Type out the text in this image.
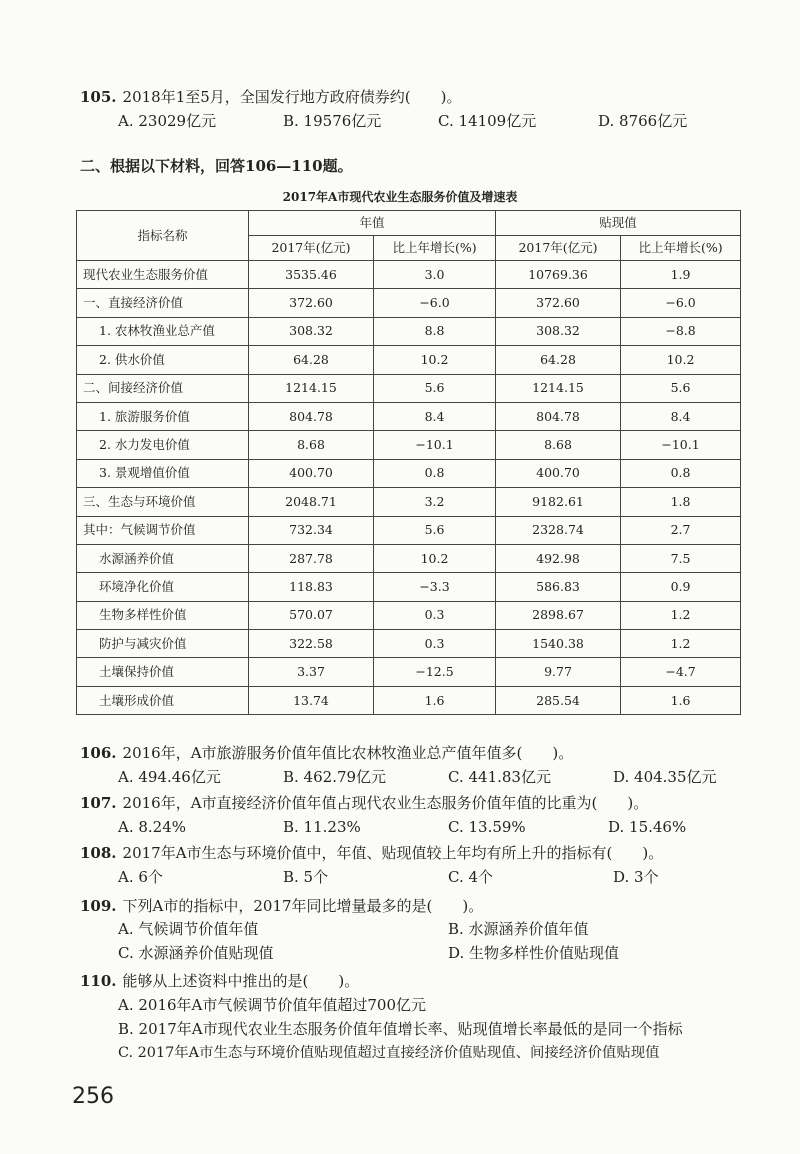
105. 2018年1至5月，全国发行地方政府债券约(　　)。
A. 23029亿元	B. 19576亿元	C. 14109亿元	D. 8766亿元
二、根据以下材料，回答106—110题。
2017年A市现代农业生态服务价值及增速表
指标名称	年值		贴现值	
	2017年(亿元)	比上年增长(%)	2017年(亿元)	比上年增长(%)
现代农业生态服务价值	3535.46	3.0	10769.36	1.9
一、直接经济价值	372.60	−6.0	372.60	−6.0
1. 农林牧渔业总产值	308.32	8.8	308.32	−8.8
2. 供水价值	64.28	10.2	64.28	10.2
二、间接经济价值	1214.15	5.6	1214.15	5.6
1. 旅游服务价值	804.78	8.4	804.78	8.4
2. 水力发电价值	8.68	−10.1	8.68	−10.1
3. 景观增值价值	400.70	0.8	400.70	0.8
三、生态与环境价值	2048.71	3.2	9182.61	1.8
其中：气候调节价值	732.34	5.6	2328.74	2.7
水源涵养价值	287.78	10.2	492.98	7.5
环境净化价值	118.83	−3.3	586.83	0.9
生物多样性价值	570.07	0.3	2898.67	1.2
防护与减灾价值	322.58	0.3	1540.38	1.2
土壤保持价值	3.37	−12.5	9.77	−4.7
土壤形成价值	13.74	1.6	285.54	1.6
106. 2016年，A市旅游服务价值年值比农林牧渔业总产值年值多(　　)。
A. 494.46亿元	B. 462.79亿元	C. 441.83亿元	D. 404.35亿元
107. 2016年，A市直接经济价值年值占现代农业生态服务价值年值的比重为(　　)。
A. 8.24%	B. 11.23%	C. 13.59%	D. 15.46%
108. 2017年A市生态与环境价值中，年值、贴现值较上年均有所上升的指标有(　　)。
A. 6个	B. 5个	C. 4个	D. 3个
109. 下列A市的指标中，2017年同比增量最多的是(　　)。
A. 气候调节价值年值	B. 水源涵养价值年值
C. 水源涵养价值贴现值	D. 生物多样性价值贴现值
110. 能够从上述资料中推出的是(　　)。
A. 2016年A市气候调节价值年值超过700亿元
B. 2017年A市现代农业生态服务价值年值增长率、贴现值增长率最低的是同一个指标
C. 2017年A市生态与环境价值贴现值超过直接经济价值贴现值、间接经济价值贴现值
256
